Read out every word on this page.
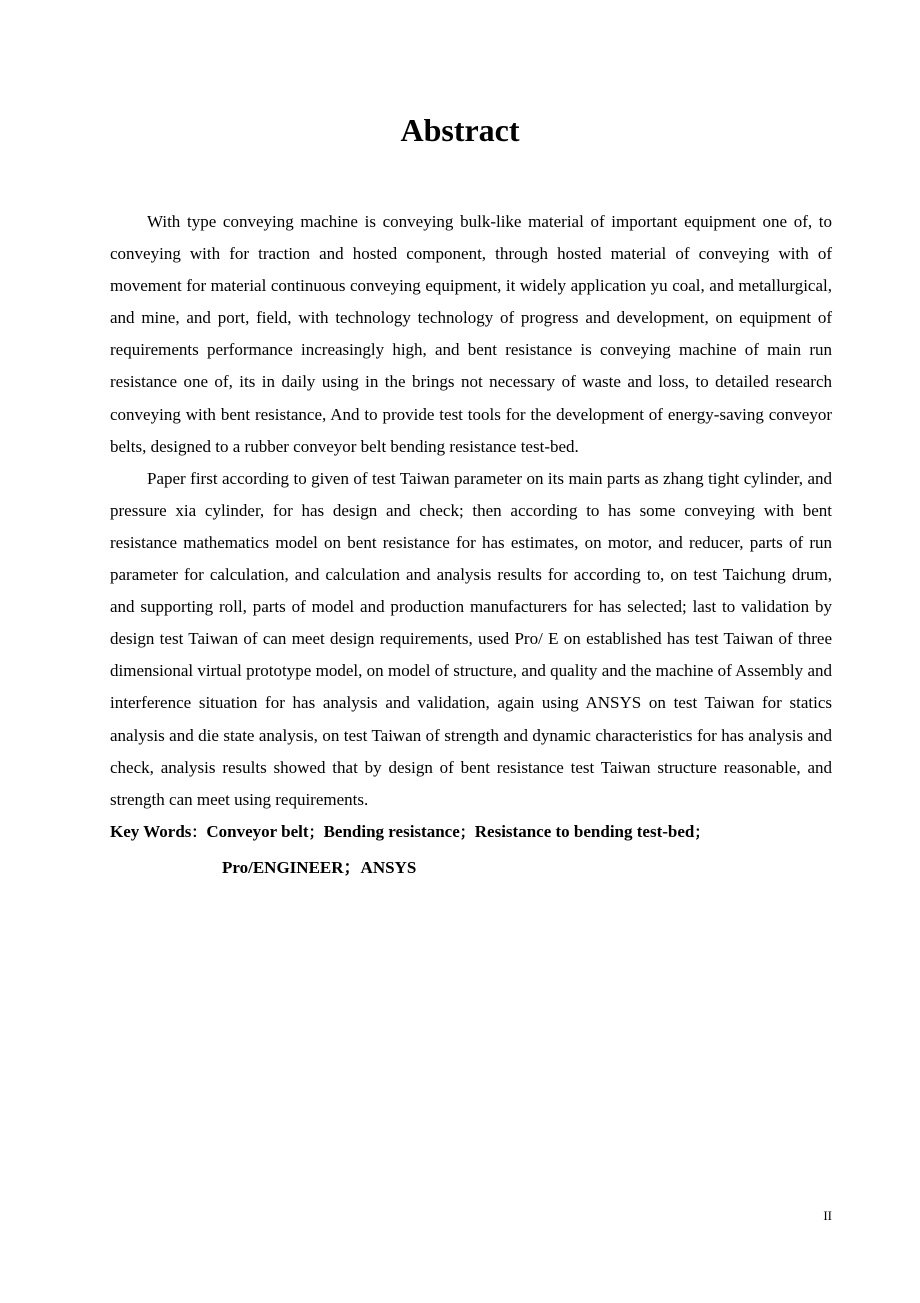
Abstract

With type conveying machine is conveying bulk-like material of important equipment one of, to conveying with for traction and hosted component, through hosted material of conveying with of movement for material continuous conveying equipment, it widely application yu coal, and metallurgical, and mine, and port, field, with technology technology of progress and development, on equipment of requirements performance increasingly high, and bent resistance is conveying machine of main run resistance one of, its in daily using in the brings not necessary of waste and loss, to detailed research conveying with bent resistance, And to provide test tools for the development of energy-saving conveyor belts, designed to a rubber conveyor belt bending resistance test-bed.

Paper first according to given of test Taiwan parameter on its main parts as zhang tight cylinder, and pressure xia cylinder, for has design and check; then according to has some conveying with bent resistance mathematics model on bent resistance for has estimates, on motor, and reducer, parts of run parameter for calculation, and calculation and analysis results for according to, on test Taichung drum, and supporting roll, parts of model and production manufacturers for has selected; last to validation by design test Taiwan of can meet design requirements, used Pro/ E on established has test Taiwan of three dimensional virtual prototype model, on model of structure, and quality and the machine of Assembly and interference situation for has analysis and validation, again using ANSYS on test Taiwan for statics analysis and die state analysis, on test Taiwan of strength and dynamic characteristics for has analysis and check, analysis results showed that by design of bent resistance test Taiwan structure reasonable, and strength can meet using requirements.

Key Words：Conveyor belt；Bending resistance；Resistance to bending test-bed；

Pro/ENGINEER；ANSYS

II
